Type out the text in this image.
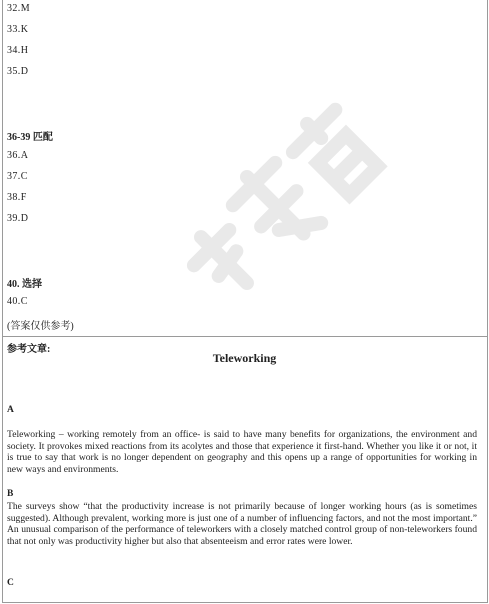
32.M
33.K
34.H
35.D
36-39 匹配
36.A
37.C
38.F
39.D
40. 选择
40.C
(答案仅供参考)
参考文章:
Teleworking
A
Teleworking – working remotely from an office- is said to have many benefits for organizations, the environment and society. It provokes mixed reactions from its acolytes and those that experience it first-hand. Whether you like it or not, it is true to say that work is no longer dependent on geography and this opens up a range of opportunities for working in new ways and environments.
B
The surveys show “that the productivity increase is not primarily because of longer working hours (as is sometimes suggested). Although prevalent, working more is just one of a number of influencing factors, and not the most important.” An unusual comparison of the performance of teleworkers with a closely matched control group of non-teleworkers found that not only was productivity higher but also that absenteeism and error rates were lower.
C
